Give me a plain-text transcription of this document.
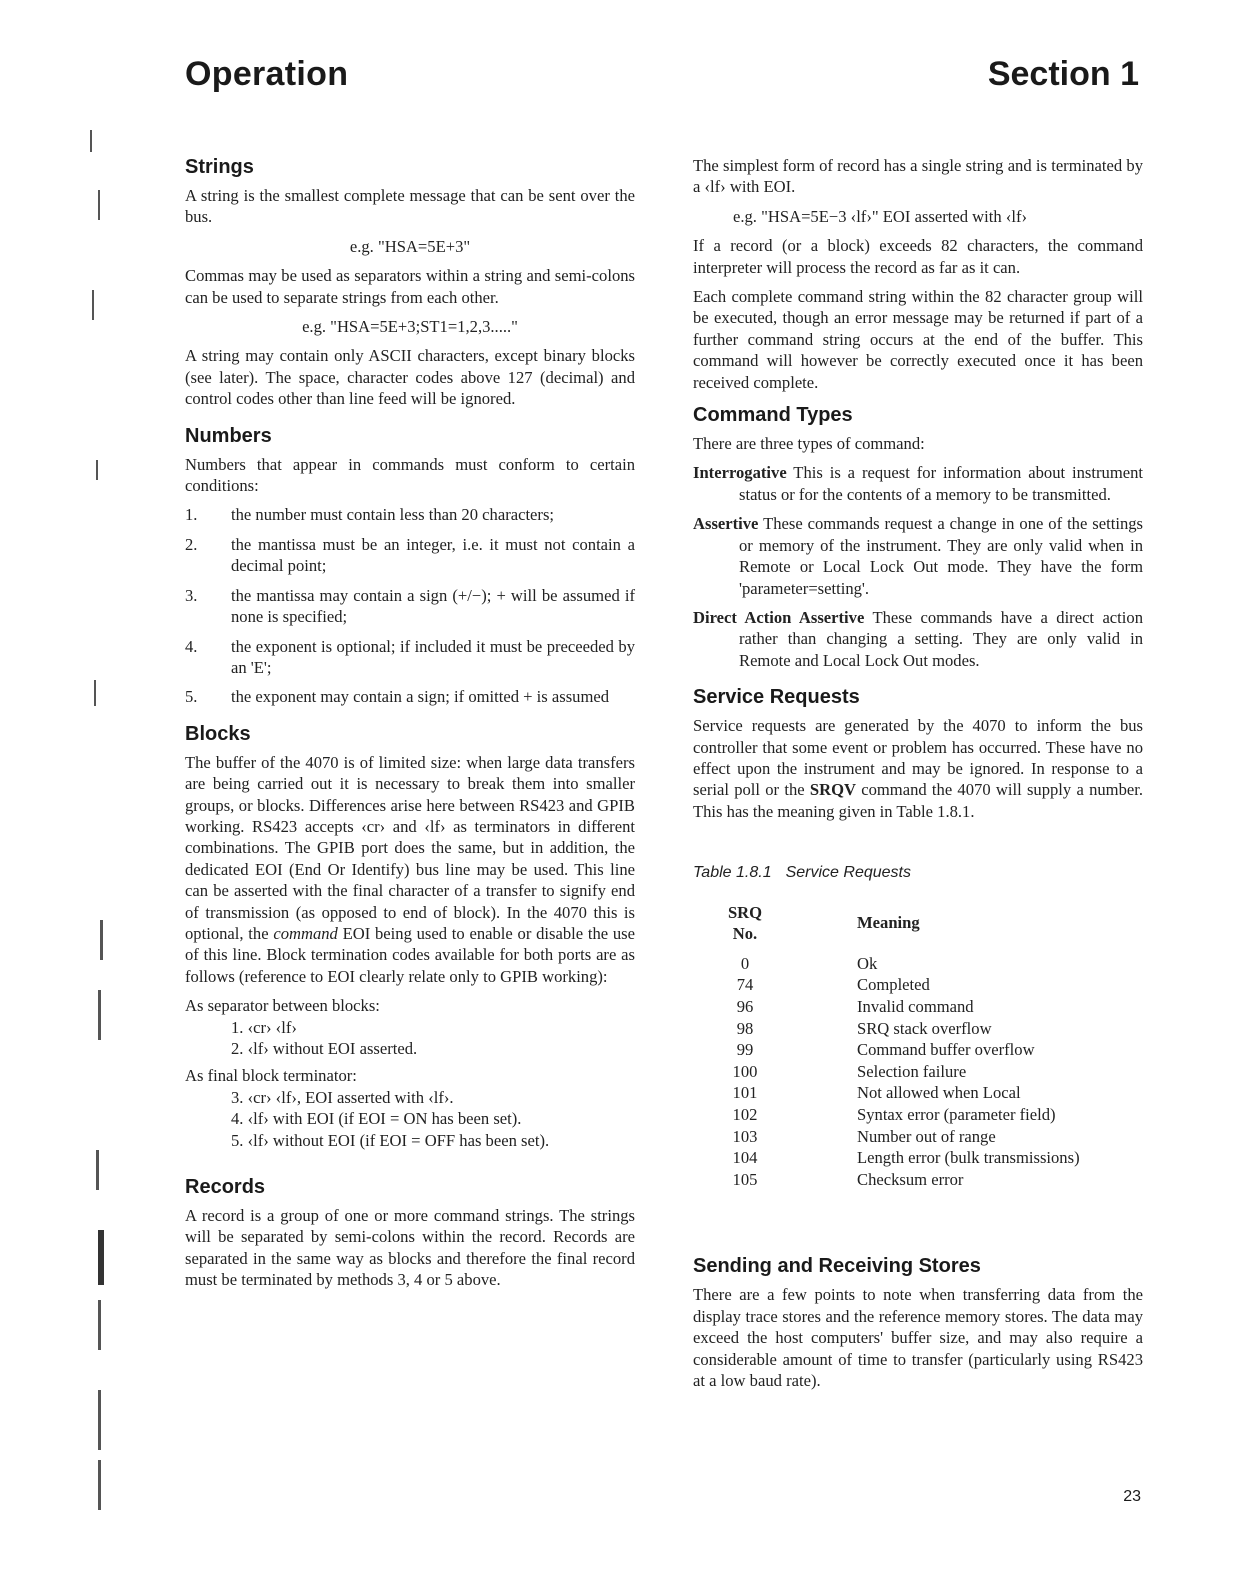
Operation	Section 1
Strings

A string is the smallest complete message that can be sent over the bus.

e.g. "HSA=5E+3"

Commas may be used as separators within a string and semi-colons can be used to separate strings from each other.

e.g. "HSA=5E+3;ST1=1,2,3....."

A string may contain only ASCII characters, except binary blocks (see later). The space, character codes above 127 (decimal) and control codes other than line feed will be ignored.

Numbers

Numbers that appear in commands must conform to certain conditions:

1.	the number must contain less than 20 characters;
2.	the mantissa must be an integer, i.e. it must not contain a decimal point;
3.	the mantissa may contain a sign (+/−); + will be assumed if none is specified;
4.	the exponent is optional; if included it must be preceeded by an 'E';
5.	the exponent may contain a sign; if omitted + is assumed
Blocks

The buffer of the 4070 is of limited size: when large data transfers are being carried out it is necessary to break them into smaller groups, or blocks. Differences arise here between RS423 and GPIB working. RS423 accepts ‹cr› and ‹lf› as terminators in different combinations. The GPIB port does the same, but in addition, the dedicated EOI (End Or Identify) bus line may be used. This line can be asserted with the final character of a transfer to signify end of transmission (as opposed to end of block). In the 4070 this is optional, the command EOI being used to enable or disable the use of this line. Block termination codes available for both ports are as follows (reference to EOI clearly relate only to GPIB working):

As separator between blocks:
1. ‹cr› ‹lf›
2. ‹lf› without EOI asserted.
As final block terminator:
3. ‹cr› ‹lf›, EOI asserted with ‹lf›.
4. ‹lf› with EOI (if EOI = ON has been set).
5. ‹lf› without EOI (if EOI = OFF has been set).
Records

A record is a group of one or more command strings. The strings will be separated by semi-colons within the record. Records are separated in the same way as blocks and therefore the final record must be terminated by methods 3, 4 or 5 above.

The simplest form of record has a single string and is terminated by a ‹lf› with EOI.

e.g. "HSA=5E−3 ‹lf›" EOI asserted with ‹lf›

If a record (or a block) exceeds 82 characters, the command interpreter will process the record as far as it can.

Each complete command string within the 82 character group will be executed, though an error message may be returned if part of a further command string occurs at the end of the buffer. This command will however be correctly executed once it has been received complete.

Command Types

There are three types of command:

Interrogative This is a request for information about instrument status or for the contents of a memory to be transmitted.
Assertive These commands request a change in one of the settings or memory of the instrument. They are only valid when in Remote or Local Lock Out mode. They have the form 'parameter=setting'.
Direct Action Assertive These commands have a direct action rather than changing a setting. They are only valid in Remote and Local Lock Out modes.
Service Requests

Service requests are generated by the 4070 to inform the bus controller that some event or problem has occurred. These have no effect upon the instrument and may be ignored. In response to a serial poll or the SRQV command the 4070 will supply a number. This has the meaning given in Table 1.8.1.

Table 1.8.1 Service Requests
SRQ No.		Meaning
0		Ok
74		Completed
96		Invalid command
98		SRQ stack overflow
99		Command buffer overflow
100		Selection failure
101		Not allowed when Local
102		Syntax error (parameter field)
103		Number out of range
104		Length error (bulk transmissions)
105		Checksum error
Sending and Receiving Stores

There are a few points to note when transferring data from the display trace stores and the reference memory stores. The data may exceed the host computers' buffer size, and may also require a considerable amount of time to transfer (particularly using RS423 at a low baud rate).

23
